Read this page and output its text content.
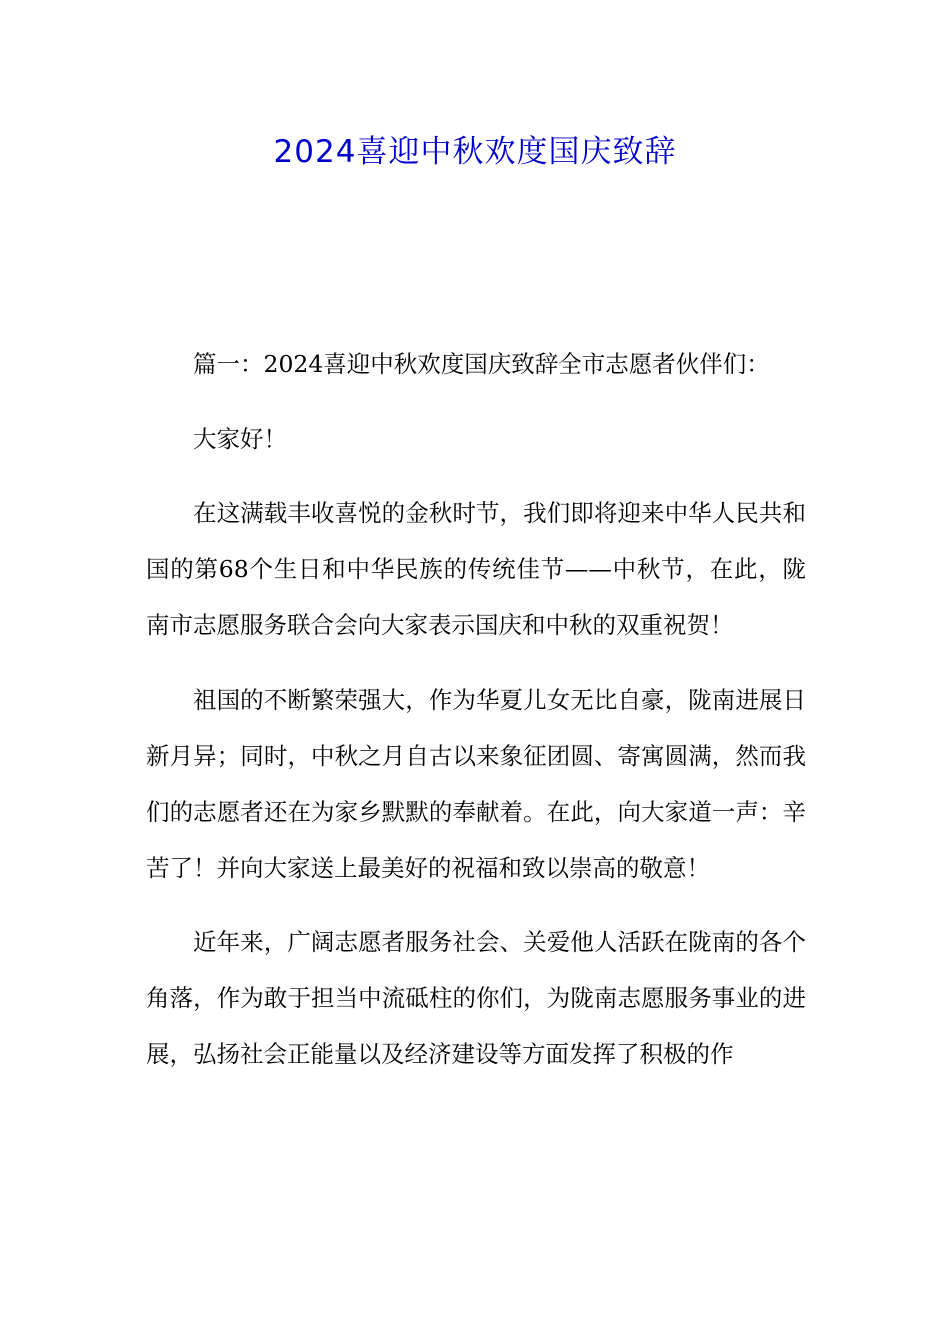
2024喜迎中秋欢度国庆致辞

篇一：2024喜迎中秋欢度国庆致辞全市志愿者伙伴们：

大家好！

在这满载丰收喜悦的金秋时节，我们即将迎来中华人民共和国的第68个生日和中华民族的传统佳节——中秋节，在此，陇南市志愿服务联合会向大家表示国庆和中秋的双重祝贺！

祖国的不断繁荣强大，作为华夏儿女无比自豪，陇南进展日新月异；同时，中秋之月自古以来象征团圆、寄寓圆满，然而我们的志愿者还在为家乡默默的奉献着。在此，向大家道一声：辛苦了！并向大家送上最美好的祝福和致以崇高的敬意！

近年来，广阔志愿者服务社会、关爱他人活跃在陇南的各个角落，作为敢于担当中流砥柱的你们，为陇南志愿服务事业的进展，弘扬社会正能量以及经济建设等方面发挥了积极的作
